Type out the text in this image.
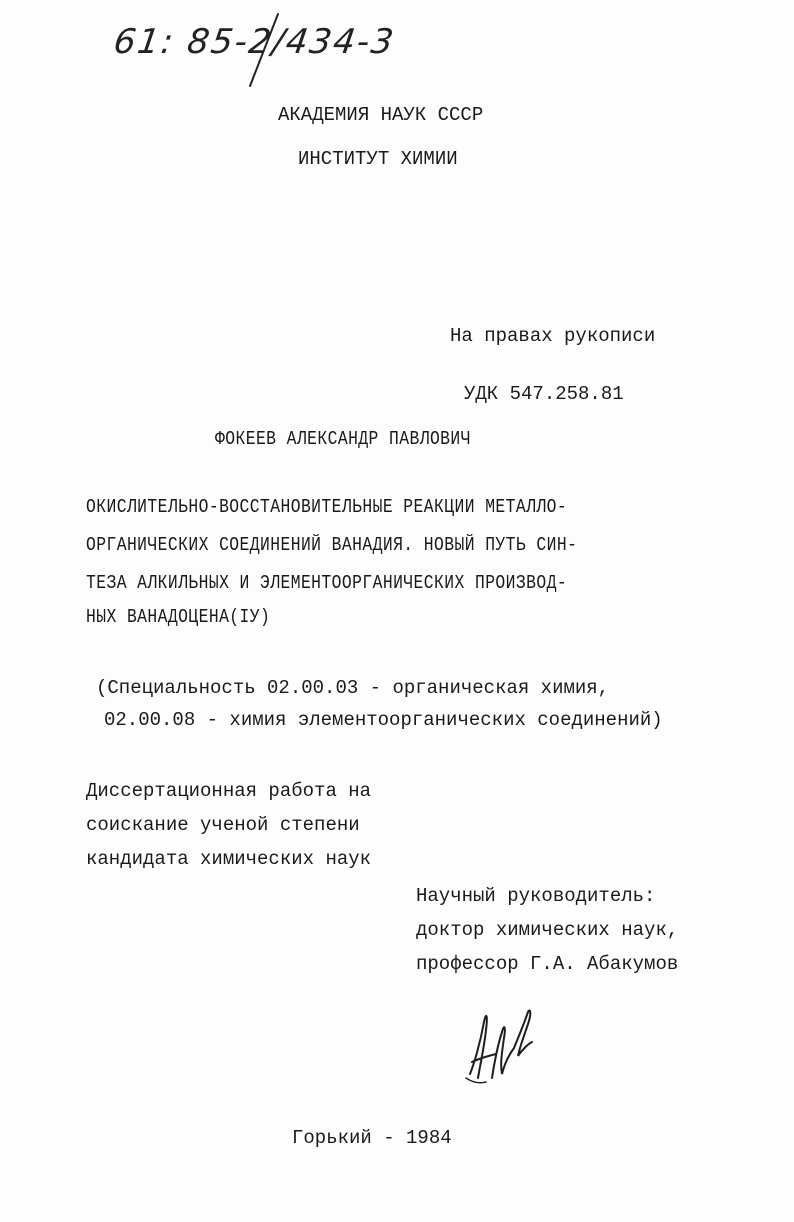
61: 85-2/434-3
АКАДЕМИЯ НАУК СССР
ИНСТИТУТ ХИМИИ
На правах рукописи
УДК 547.258.81
ФОКЕЕВ АЛЕКСАНДР ПАВЛОВИЧ
ОКИСЛИТЕЛЬНО-ВОССТАНОВИТЕЛЬНЫЕ РЕАКЦИИ МЕТАЛЛО-
ОРГАНИЧЕСКИХ СОЕДИНЕНИЙ ВАНАДИЯ. НОВЫЙ ПУТЬ СИН-
ТЕЗА АЛКИЛЬНЫХ И ЭЛЕМЕНТООРГАНИЧЕСКИХ ПРОИЗВОД-
НЫХ ВАНАДОЦЕНА(IУ)
(Специальность 02.00.03 - органическая химия,
02.00.08 - химия элементоорганических соединений)
Диссертационная работа на
соискание ученой степени
кандидата химических наук
Научный руководитель:
доктор химических наук,
профессор Г.А. Абакумов
Горький - 1984
